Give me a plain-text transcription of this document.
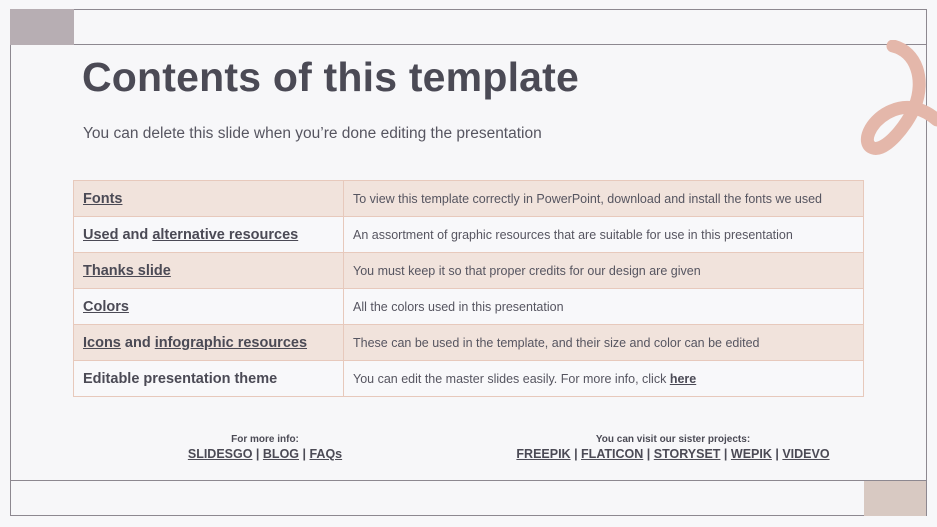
Contents of this template
You can delete this slide when you’re done editing the presentation
Fonts	To view this template correctly in PowerPoint, download and install the fonts we used
Used and alternative resources	An assortment of graphic resources that are suitable for use in this presentation
Thanks slide	You must keep it so that proper credits for our design are given
Colors	All the colors used in this presentation
Icons and infographic resources	These can be used in the template, and their size and color can be edited
Editable presentation theme	You can edit the master slides easily. For more info, click here
For more info:
SLIDESGO | BLOG | FAQs
You can visit our sister projects:
FREEPIK | FLATICON | STORYSET | WEPIK | VIDEVO
